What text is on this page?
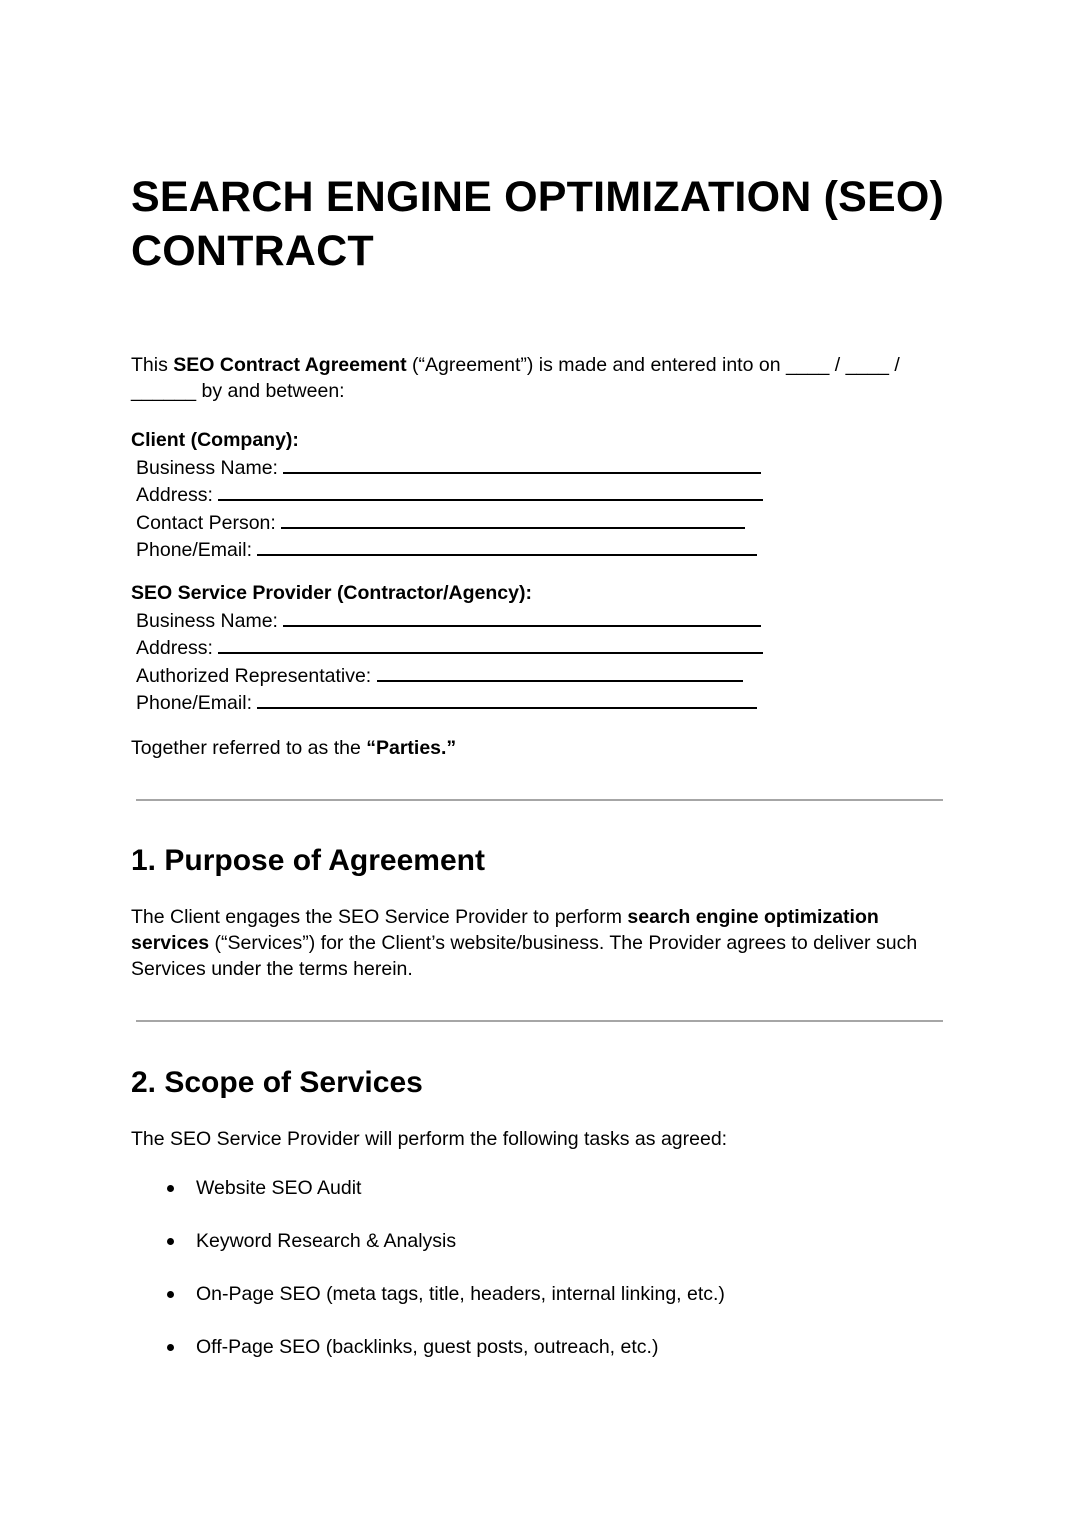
SEARCH ENGINE OPTIMIZATION (SEO) CONTRACT

This SEO Contract Agreement (“Agreement”) is made and entered into on ____ / ____ / ______ by and between:

Client (Company):
Business Name:
Address:
Contact Person:
Phone/Email:
SEO Service Provider (Contractor/Agency):
Business Name:
Address:
Authorized Representative:
Phone/Email:

Together referred to as the “Parties.”

1. Purpose of Agreement

The Client engages the SEO Service Provider to perform search engine optimization services (“Services”) for the Client’s website/business. The Provider agrees to deliver such Services under the terms herein.

2. Scope of Services

The SEO Service Provider will perform the following tasks as agreed:

Website SEO Audit
Keyword Research & Analysis
On-Page SEO (meta tags, title, headers, internal linking, etc.)
Off-Page SEO (backlinks, guest posts, outreach, etc.)
